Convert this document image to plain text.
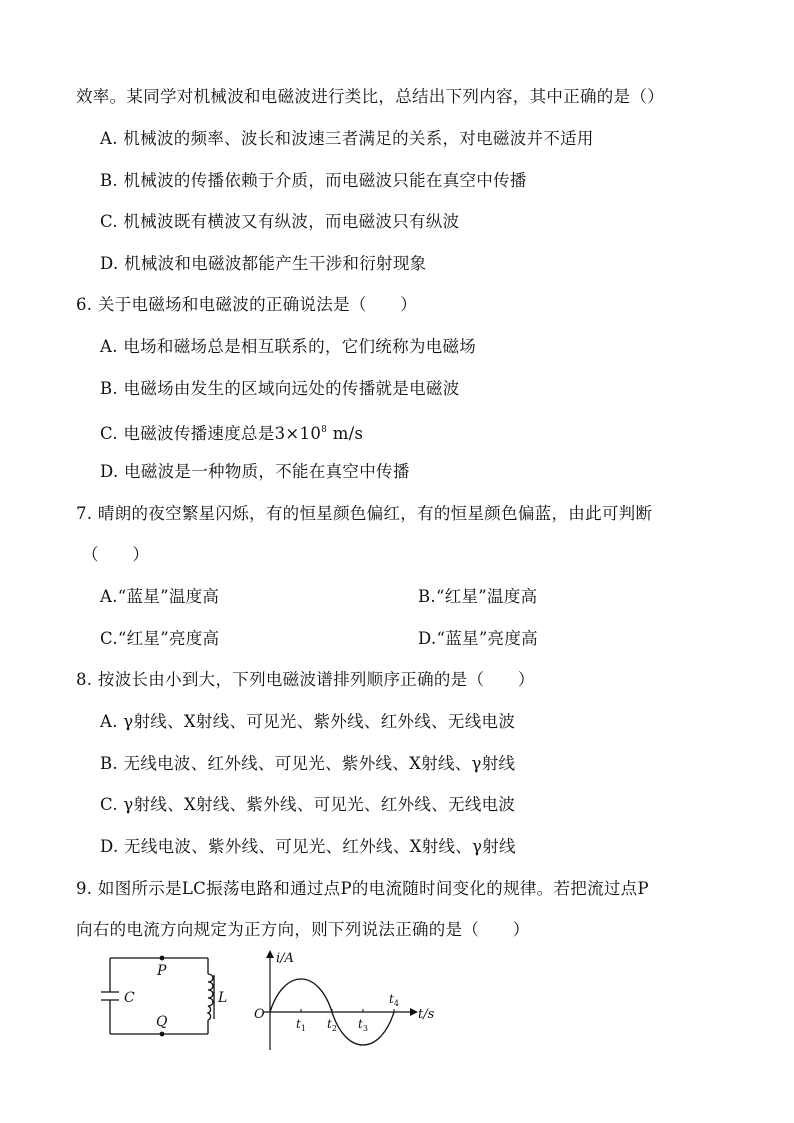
效率。某同学对机械波和电磁波进行类比，总结出下列内容，其中正确的是（）
A. 机械波的频率、波长和波速三者满足的关系，对电磁波并不适用
B. 机械波的传播依赖于介质，而电磁波只能在真空中传播
C. 机械波既有横波又有纵波，而电磁波只有纵波
D. 机械波和电磁波都能产生干涉和衍射现象
6. 关于电磁场和电磁波的正确说法是（　　）
A. 电场和磁场总是相互联系的，它们统称为电磁场
B. 电磁场由发生的区域向远处的传播就是电磁波
C. 电磁波传播速度总是$3\times 10^8$ m/s
D. 电磁波是一种物质，不能在真空中传播
7. 晴朗的夜空繁星闪烁，有的恒星颜色偏红，有的恒星颜色偏蓝，由此可判断
（　　）
A.“蓝星”温度高	B.“红星”温度高
C.“红星”亮度高	D.“蓝星”亮度高
8. 按波长由小到大，下列电磁波谱排列顺序正确的是（　　）
A. γ射线、X射线、可见光、紫外线、红外线、无线电波
B. 无线电波、红外线、可见光、紫外线、X射线、γ射线
C. γ射线、X射线、紫外线、可见光、红外线、无线电波
D. 无线电波、紫外线、可见光、红外线、X射线、γ射线
9. 如图所示是LC振荡电路和通过点P的电流随时间变化的规律。若把流过点P
向右的电流方向规定为正方向，则下列说法正确的是（　　）
P
Q
C	L
i/A
t/s
O
$t_1$ $t_2$ $t_3$
$t_4$
